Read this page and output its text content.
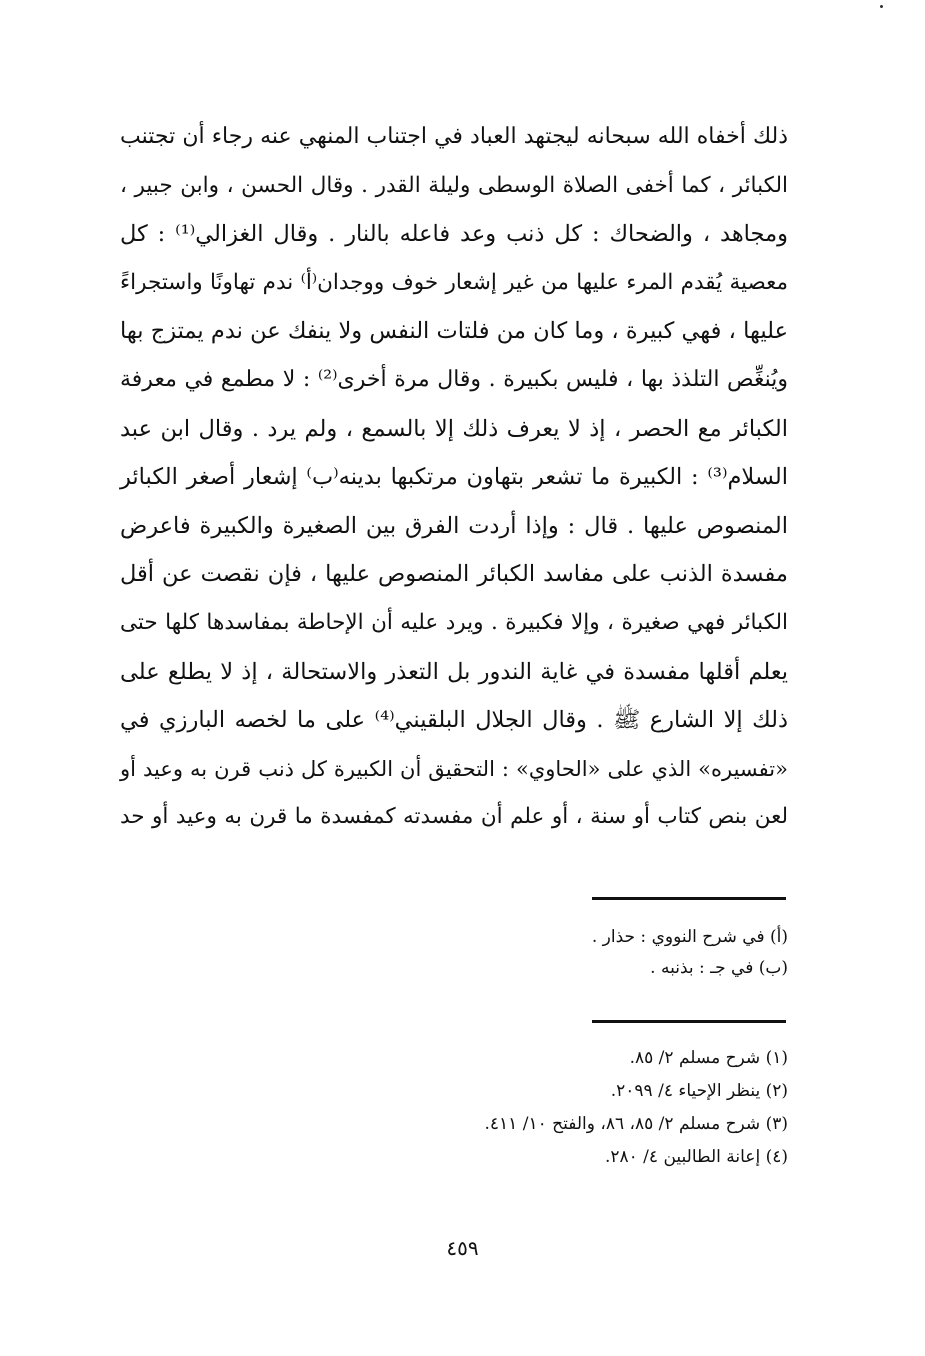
ذلك أخفاه الله سبحانه ليجتهد العباد في اجتناب المنهي عنه رجاء أن تجتنب
الكبائر ، كما أخفى الصلاة الوسطى وليلة القدر . وقال الحسن ، وابن جبير ،
ومجاهد ، والضحاك : كل ذنب وعد فاعله بالنار . وقال الغزالي⁽¹⁾ : كل
معصية يُقدم المرء عليها من غير إشعار خوف ووجدان⁽أ⁾ ندم تهاونًا واستجراءً
عليها ، فهي كبيرة ، وما كان من فلتات النفس ولا ينفك عن ندم يمتزج بها
ويُنغِّص التلذذ بها ، فليس بكبيرة . وقال مرة أخرى⁽²⁾ : لا مطمع في معرفة
الكبائر مع الحصر ، إذ لا يعرف ذلك إلا بالسمع ، ولم يرد . وقال ابن عبد
السلام⁽³⁾ : الكبيرة ما تشعر بتهاون مرتكبها بدينه⁽ب⁾ إشعار أصغر الكبائر
المنصوص عليها . قال : وإذا أردت الفرق بين الصغيرة والكبيرة فاعرض
مفسدة الذنب على مفاسد الكبائر المنصوص عليها ، فإن نقصت عن أقل
الكبائر فهي صغيرة ، وإلا فكبيرة . ويرد عليه أن الإحاطة بمفاسدها كلها حتى
يعلم أقلها مفسدة في غاية الندور بل التعذر والاستحالة ، إذ لا يطلع على
ذلك إلا الشارع ﷺ . وقال الجلال البلقيني⁽⁴⁾ على ما لخصه البارزي في
«تفسيره» الذي على «الحاوي» : التحقيق أن الكبيرة كل ذنب قرن به وعيد أو
لعن بنص كتاب أو سنة ، أو علم أن مفسدته كمفسدة ما قرن به وعيد أو حد
(أ) في شرح النووي : حذار .
(ب) في جـ : بذنبه .
(١) شرح مسلم ٢/ ٨٥.
(٢) ينظر الإحياء ٤/ ٢٠٩٩.
(٣) شرح مسلم ٢/ ٨٥، ٨٦، والفتح ١٠/ ٤١١.
(٤) إعانة الطالبين ٤/ ٢٨٠.
٤٥٩
